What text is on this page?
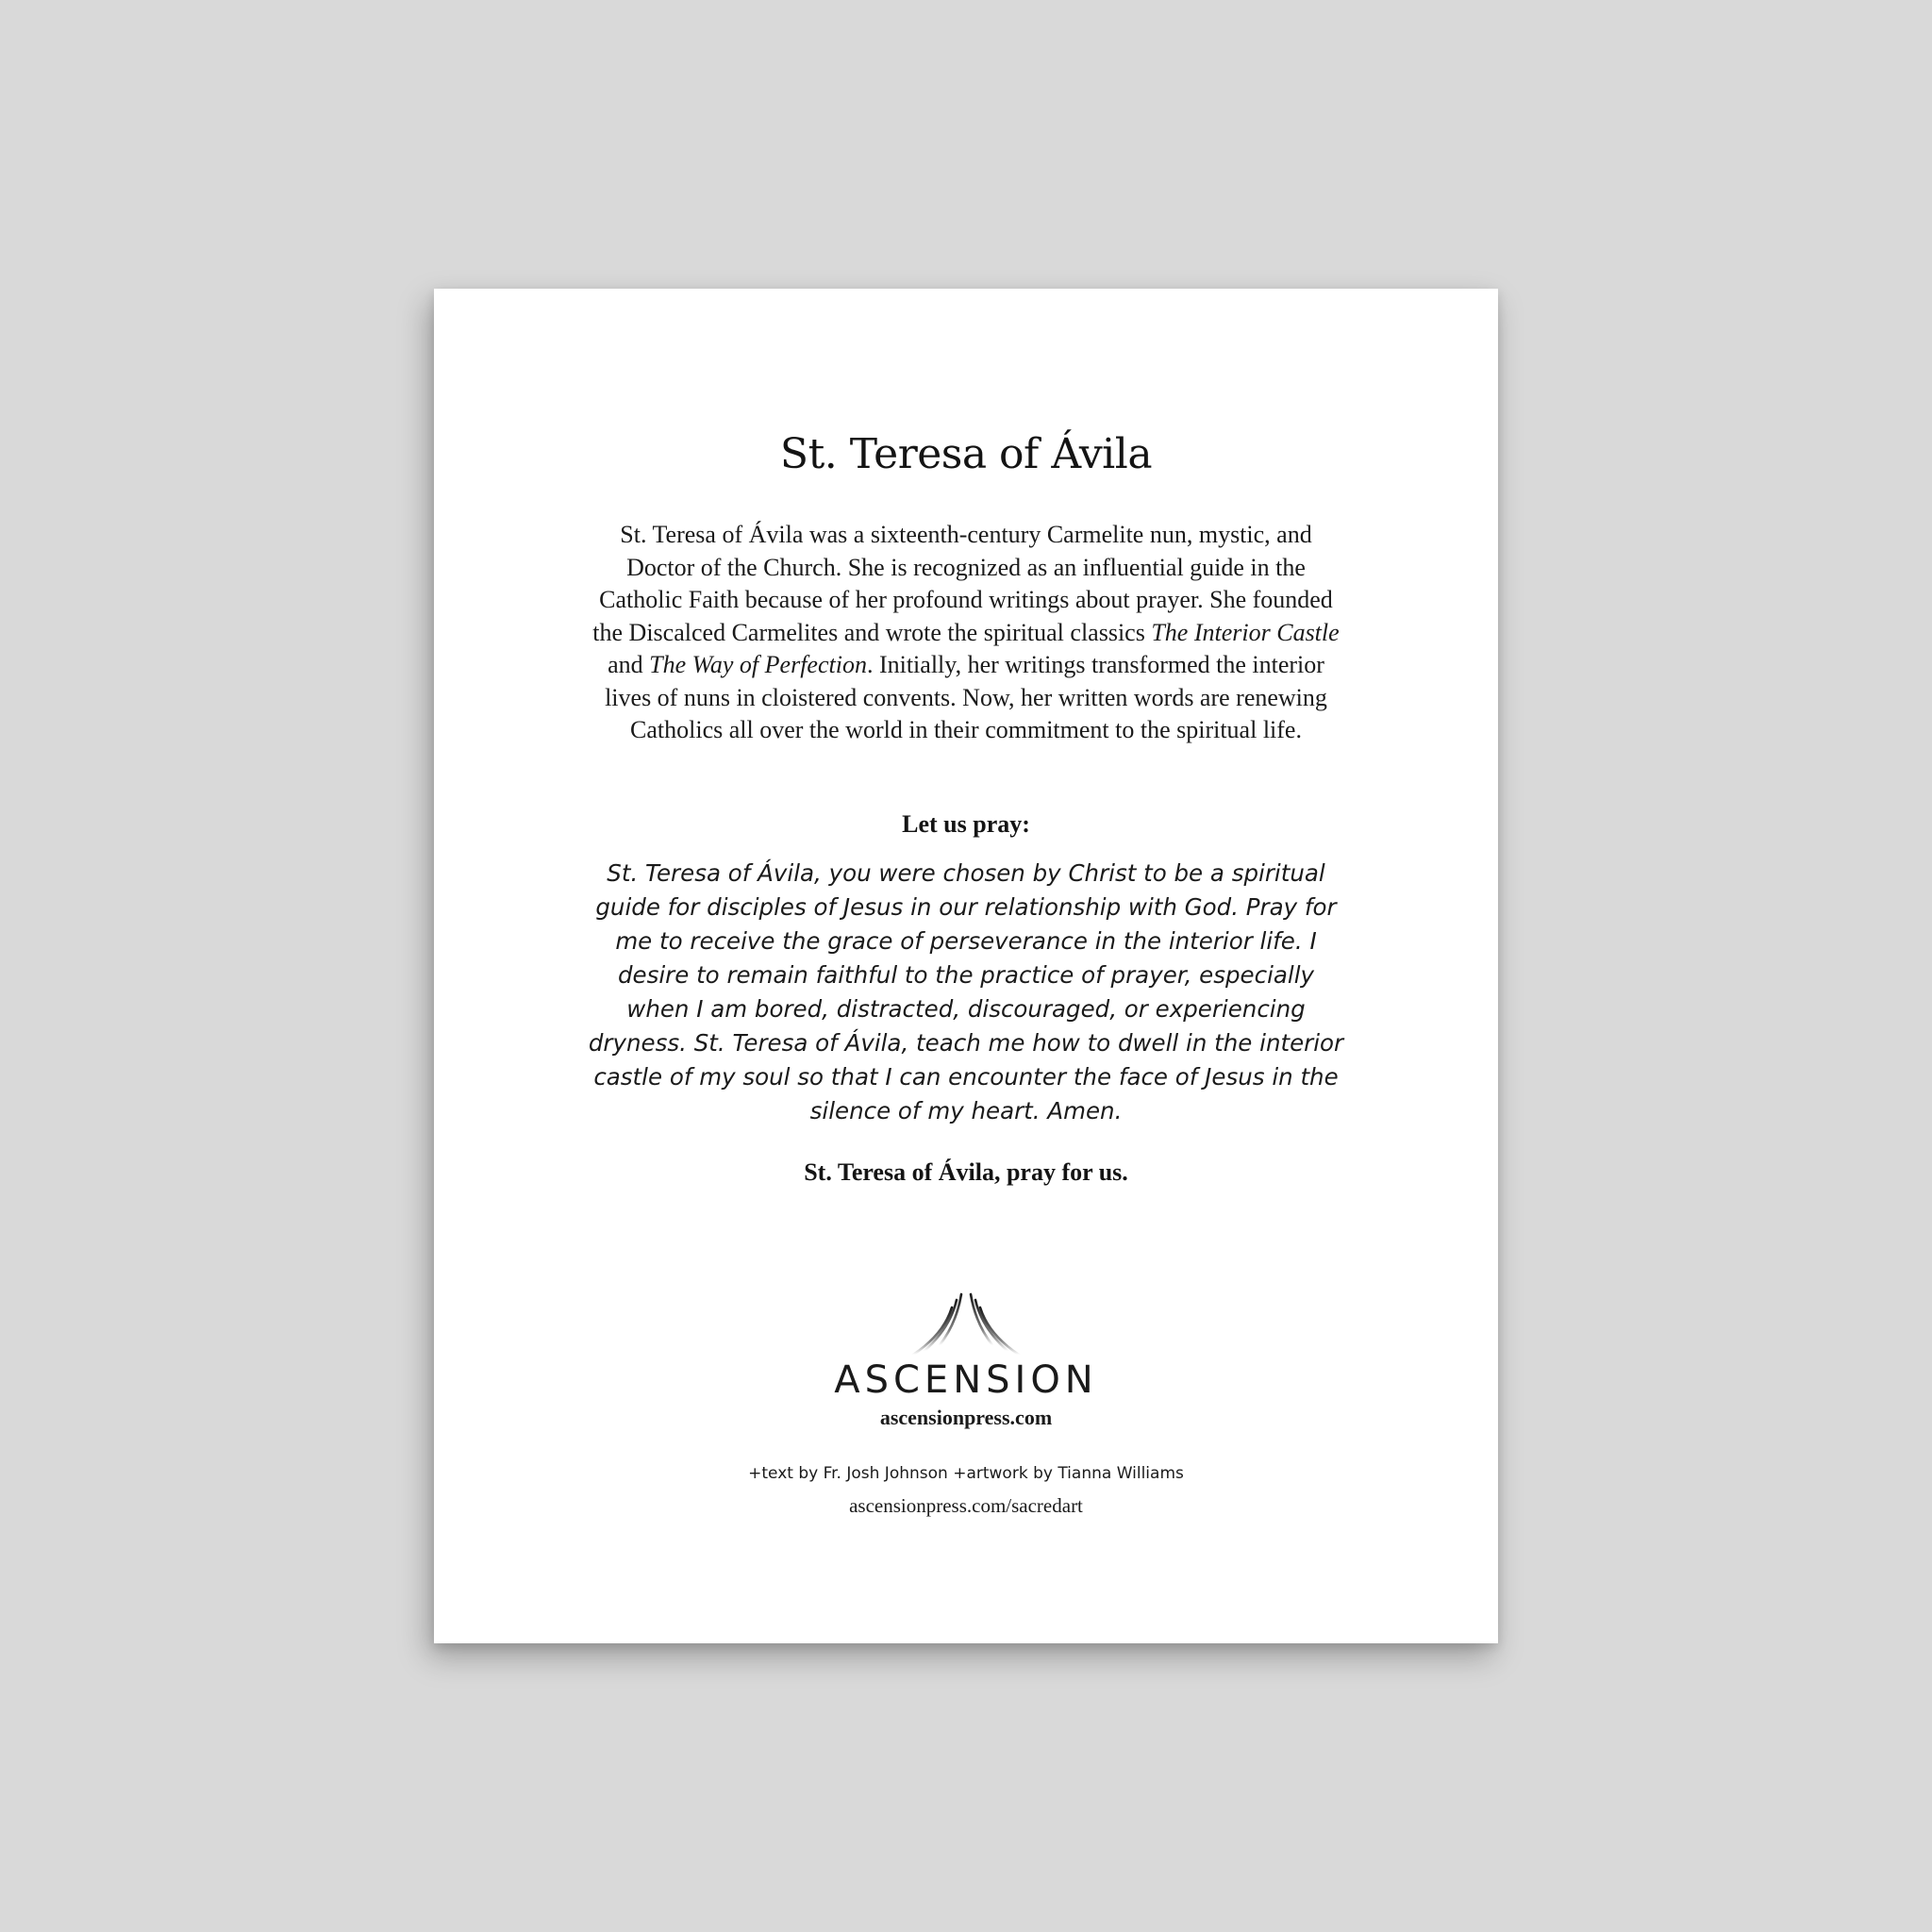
St. Teresa of Ávila

St. Teresa of Ávila was a sixteenth-century Carmelite nun, mystic, and Doctor of the Church. She is recognized as an influential guide in the Catholic Faith because of her profound writings about prayer. She founded the Discalced Carmelites and wrote the spiritual classics The Interior Castle and The Way of Perfection. Initially, her writings transformed the interior lives of nuns in cloistered convents. Now, her written words are renewing Catholics all over the world in their commitment to the spiritual life.

Let us pray:

St. Teresa of Ávila, you were chosen by Christ to be a spiritual guide for disciples of Jesus in our relationship with God. Pray for me to receive the grace of perseverance in the interior life. I desire to remain faithful to the practice of prayer, especially when I am bored, distracted, discouraged, or experiencing dryness. St. Teresa of Ávila, teach me how to dwell in the interior castle of my soul so that I can encounter the face of Jesus in the silence of my heart. Amen.

St. Teresa of Ávila, pray for us.

ASCENSION

ascensionpress.com

+text by Fr. Josh Johnson +artwork by Tianna Williams

ascensionpress.com/sacredart
